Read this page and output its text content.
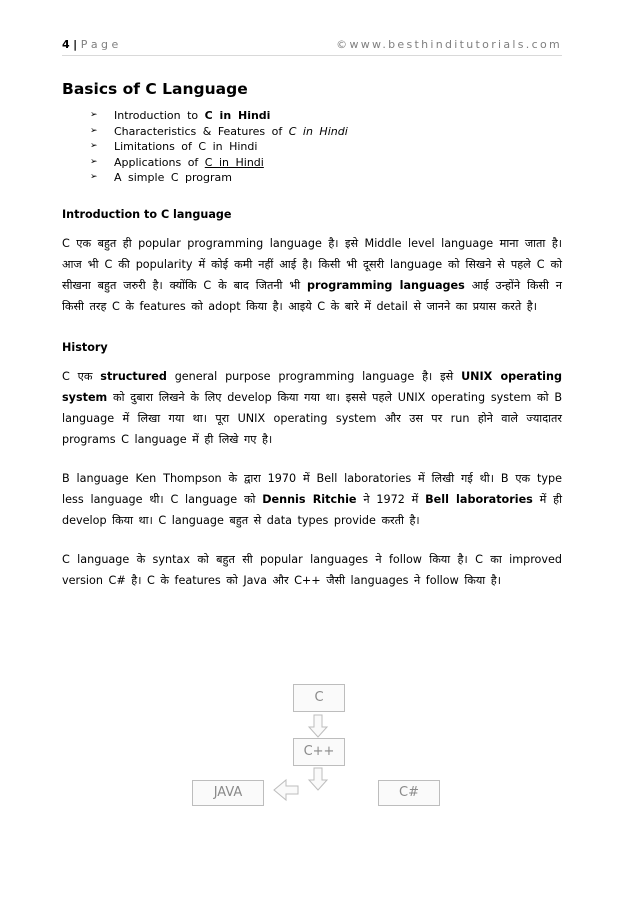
4 | P a g e	©www.besthinditutorials.com
Basics of C Language
➢ Introduction to C in Hindi
➢ Characteristics & Features of C in Hindi
➢ Limitations of C in Hindi
➢ Applications of C in Hindi
➢ A simple C program
Introduction to C language

C एक बहुत ही popular programming language है। इसे Middle level language माना जाता है। आज भी C की popularity में कोई कमी नहीं आई है। किसी भी दूसरी language को सिखने से पहले C को सीखना बहुत जरुरी है। क्योंकि C के बाद जितनी भी programming languages आई उन्होंने किसी न किसी तरह C के features को adopt किया है। आइये C के बारे में detail से जानने का प्रयास करते है।

History

C एक structured general purpose programming language है। इसे UNIX operating system को दुबारा लिखने के लिए develop किया गया था। इससे पहले UNIX operating system को B language में लिखा गया था। पूरा UNIX operating system और उस पर run होने वाले ज्यादातर programs C language में ही लिखे गए है।

B language Ken Thompson के द्वारा 1970 में Bell laboratories में लिखी गई थी। B एक type less language थी। C language को Dennis Ritchie ने 1972 में Bell laboratories में ही develop किया था। C language बहुत से data types provide करती है।

C language के syntax को बहुत सी popular languages ने follow किया है। C का improved version C# है। C के features को Java और C++ जैसी languages ने follow किया है।

C
C++
JAVA	C#
